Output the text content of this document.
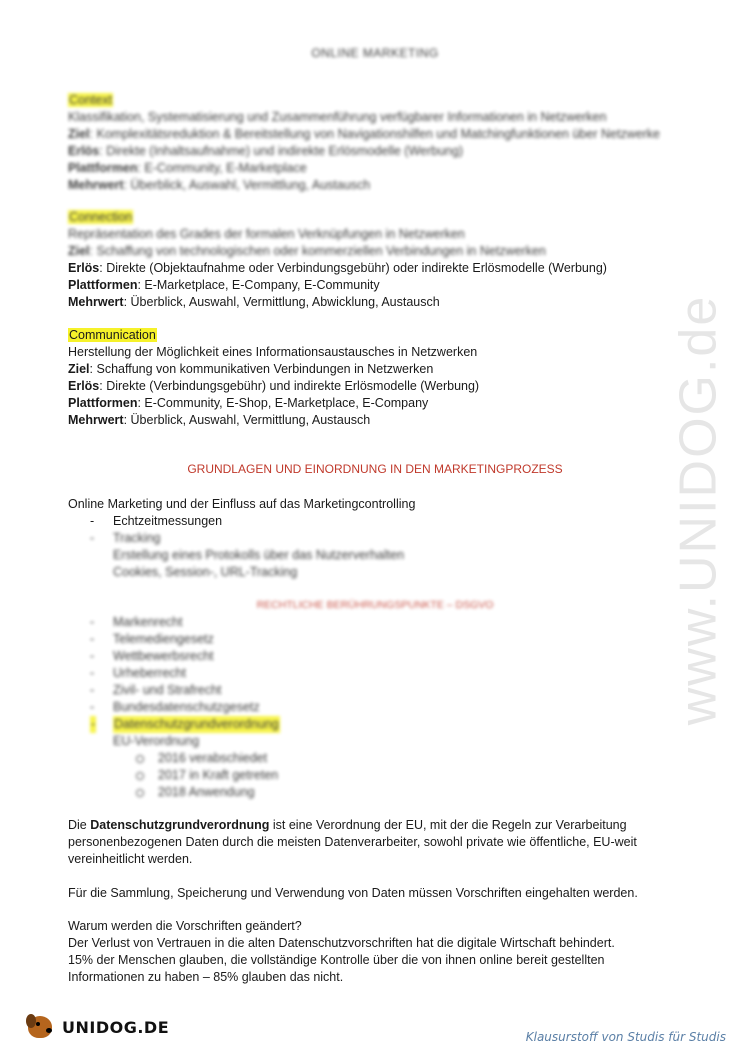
ONLINE MARKETING
Context
Klassifikation, Systematisierung und Zusammenführung verfügbarer Informationen in Netzwerken
Ziel: Komplexitätsreduktion & Bereitstellung von Navigationshilfen und Matchingfunktionen über Netzwerke
Erlös: Direkte (Inhaltsaufnahme) und indirekte Erlösmodelle (Werbung)
Plattformen: E-Community, E-Marketplace
Mehrwert: Überblick, Auswahl, Vermittlung, Austausch
Connection
Repräsentation des Grades der formalen Verknüpfungen in Netzwerken
Ziel: Schaffung von technologischen oder kommerziellen Verbindungen in Netzwerken
Erlös: Direkte (Objektaufnahme oder Verbindungsgebühr) oder indirekte Erlösmodelle (Werbung)
Plattformen: E-Marketplace, E-Company, E-Community
Mehrwert: Überblick, Auswahl, Vermittlung, Abwicklung, Austausch
Communication
Herstellung der Möglichkeit eines Informationsaustausches in Netzwerken
Ziel: Schaffung von kommunikativen Verbindungen in Netzwerken
Erlös: Direkte (Verbindungsgebühr) und indirekte Erlösmodelle (Werbung)
Plattformen: E-Community, E-Shop, E-Marketplace, E-Company
Mehrwert: Überblick, Auswahl, Vermittlung, Austausch
GRUNDLAGEN UND EINORDNUNG IN DEN MARKETINGPROZESS
Online Marketing und der Einfluss auf das Marketingcontrolling
- Echtzeitmessungen
- Tracking
Erstellung eines Protokolls über das Nutzerverhalten
Cookies, Session-, URL-Tracking
RECHTLICHE BERÜHRUNGSPUNKTE – DSGVO
- Markenrecht
- Telemediengesetz
- Wettbewerbsrecht
- Urheberrecht
- Zivil- und Strafrecht
- Bundesdatenschutzgesetz
- Datenschutzgrundverordnung
EU-Verordnung
2016 verabschiedet
2017 in Kraft getreten
2018 Anwendung
Die Datenschutzgrundverordnung ist eine Verordnung der EU, mit der die Regeln zur Verarbeitung
personenbezogenen Daten durch die meisten Datenverarbeiter, sowohl private wie öffentliche, EU-weit
vereinheitlicht werden.
Für die Sammlung, Speicherung und Verwendung von Daten müssen Vorschriften eingehalten werden.
Warum werden die Vorschriften geändert?
Der Verlust von Vertrauen in die alten Datenschutzvorschriften hat die digitale Wirtschaft behindert.
15% der Menschen glauben, die vollständige Kontrolle über die von ihnen online bereit gestellten
Informationen zu haben – 85% glauben das nicht.
www.UNIDOG.de
UNIDOG.DE
Klausurstoff von Studis für Studis
